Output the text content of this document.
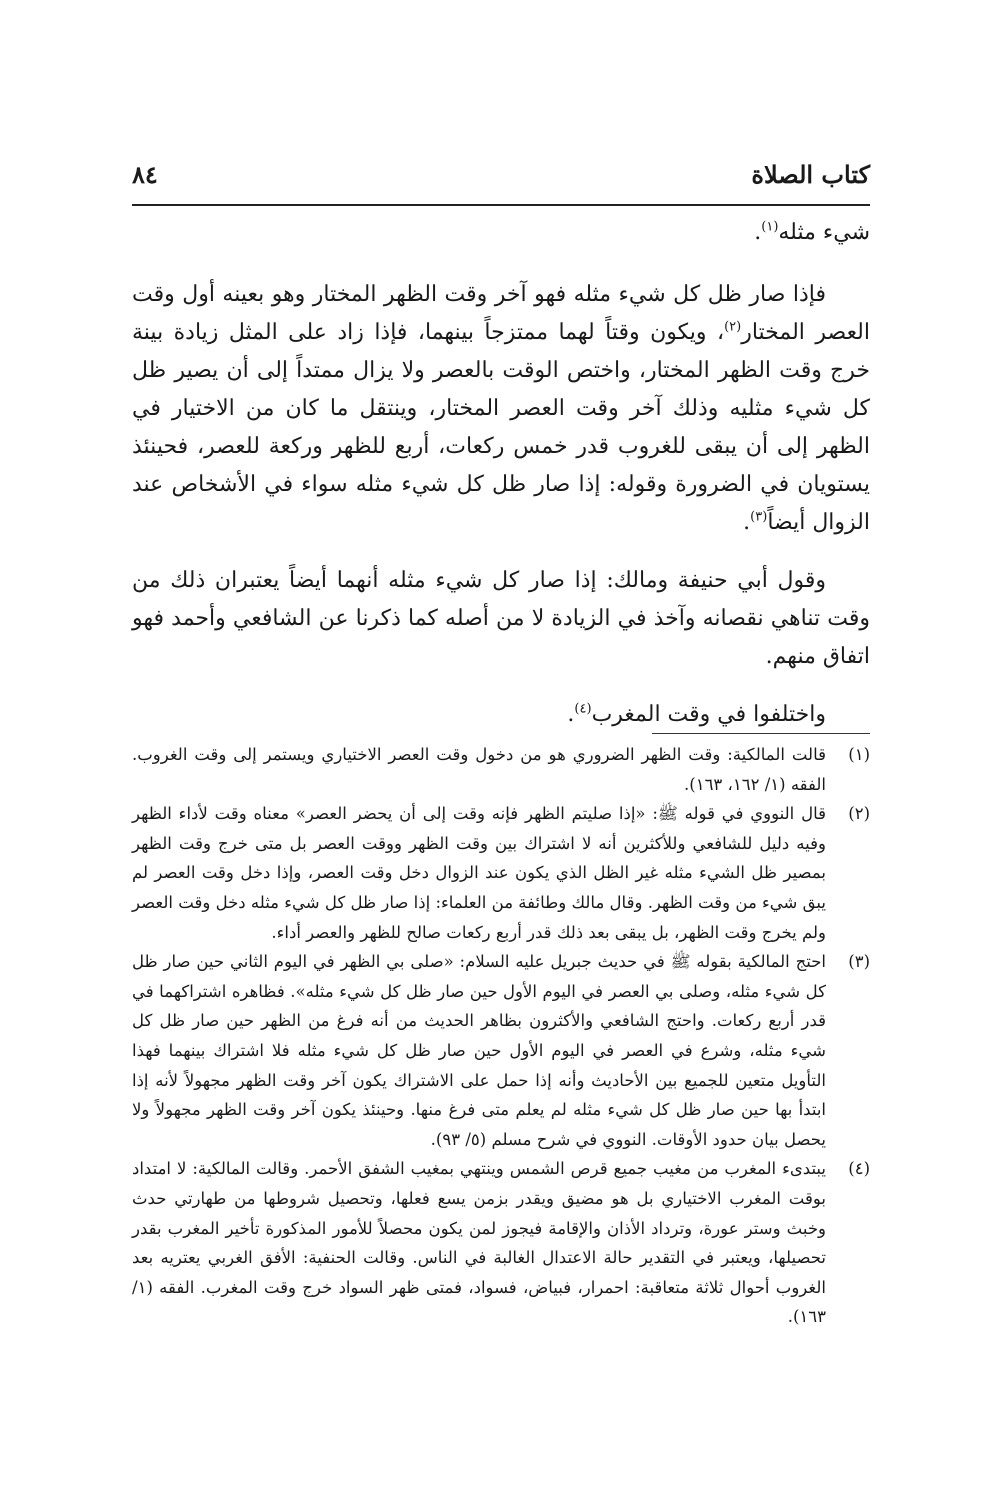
كتاب الصلاة
٨٤

شيء مثله$^{(١)}$.

فإذا صار ظل كل شيء مثله فهو آخر وقت الظهر المختار وهو بعينه أول وقت العصر المختار$^{(٢)}$، ويكون وقتاً لهما ممتزجاً بينهما، فإذا زاد على المثل زيادة بينة خرج وقت الظهر المختار، واختص الوقت بالعصر ولا يزال ممتداً إلى أن يصير ظل كل شيء مثليه وذلك آخر وقت العصر المختار، وينتقل ما كان من الاختيار في الظهر إلى أن يبقى للغروب قدر خمس ركعات، أربع للظهر وركعة للعصر، فحينئذ يستويان في الضرورة وقوله: إذا صار ظل كل شيء مثله سواء في الأشخاص عند الزوال أيضاً$^{(٣)}$.

وقول أبي حنيفة ومالك: إذا صار كل شيء مثله أنهما أيضاً يعتبران ذلك من وقت تناهي نقصانه وآخذ في الزيادة لا من أصله كما ذكرنا عن الشافعي وأحمد فهو اتفاق منهم.

واختلفوا في وقت المغرب$^{(٤)}$.

(١)
قالت المالكية: وقت الظهر الضروري هو من دخول وقت العصر الاختياري ويستمر إلى وقت الغروب. الفقه (١/ ١٦٢، ١٦٣).
(٢)
قال النووي في قوله ﷺ: «إذا صليتم الظهر فإنه وقت إلى أن يحضر العصر» معناه وقت لأداء الظهر وفيه دليل للشافعي وللأكثرين أنه لا اشتراك بين وقت الظهر ووقت العصر بل متى خرج وقت الظهر بمصير ظل الشيء مثله غير الظل الذي يكون عند الزوال دخل وقت العصر، وإذا دخل وقت العصر لم يبق شيء من وقت الظهر. وقال مالك وطائفة من العلماء: إذا صار ظل كل شيء مثله دخل وقت العصر ولم يخرج وقت الظهر، بل يبقى بعد ذلك قدر أربع ركعات صالح للظهر والعصر أداء.
(٣)
احتج المالكية بقوله ﷺ في حديث جبريل عليه السلام: «صلى بي الظهر في اليوم الثاني حين صار ظل كل شيء مثله، وصلى بي العصر في اليوم الأول حين صار ظل كل شيء مثله». فظاهره اشتراكهما في قدر أربع ركعات. واحتج الشافعي والأكثرون بظاهر الحديث من أنه فرغ من الظهر حين صار ظل كل شيء مثله، وشرع في العصر في اليوم الأول حين صار ظل كل شيء مثله فلا اشتراك بينهما فهذا التأويل متعين للجميع بين الأحاديث وأنه إذا حمل على الاشتراك يكون آخر وقت الظهر مجهولاً لأنه إذا ابتدأ بها حين صار ظل كل شيء مثله لم يعلم متى فرغ منها. وحينئذ يكون آخر وقت الظهر مجهولاً ولا يحصل بيان حدود الأوقات. النووي في شرح مسلم (٥/ ٩٣).
(٤)
يبتدىء المغرب من مغيب جميع قرص الشمس وينتهي بمغيب الشفق الأحمر. وقالت المالكية: لا امتداد بوقت المغرب الاختياري بل هو مضيق ويقدر بزمن يسع فعلها، وتحصيل شروطها من طهارتي حدث وخبث وستر عورة، وترداد الأذان والإقامة فيجوز لمن يكون محصلاً للأمور المذكورة تأخير المغرب بقدر تحصيلها، ويعتبر في التقدير حالة الاعتدال الغالبة في الناس. وقالت الحنفية: الأفق الغربي يعتريه بعد الغروب أحوال ثلاثة متعاقبة: احمرار، فبياض، فسواد، فمتى ظهر السواد خرج وقت المغرب. الفقه (١/ ١٦٣).
